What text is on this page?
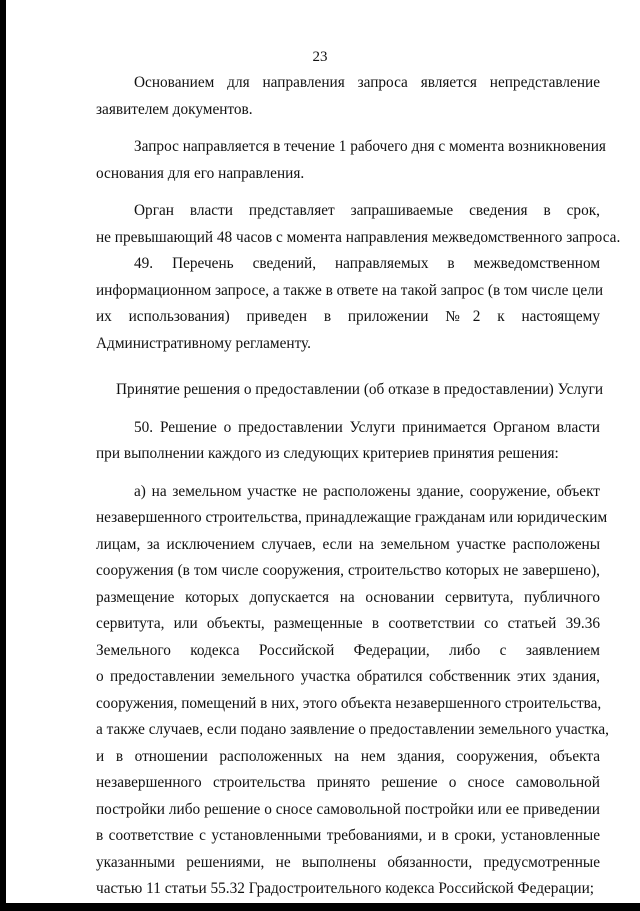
23
Основанием для направления запроса является непредставление
заявителем документов.
Запрос направляется в течение 1 рабочего дня с момента возникновения
основания для его направления.
Орган власти представляет запрашиваемые сведения в срок,
не превышающий 48 часов с момента направления межведомственного запроса.
49. Перечень сведений, направляемых в межведомственном
информационном запросе, а также в ответе на такой запрос (в том числе цели
их использования) приведен в приложении №2 к настоящему
Административному регламенту.

Принятие решения о предоставлении (об отказе в предоставлении) Услуги

50. Решение о предоставлении Услуги принимается Органом власти
при выполнении каждого из следующих критериев принятия решения:
а) на земельном участке не расположены здание, сооружение, объект
незавершенного строительства, принадлежащие гражданам или юридическим
лицам, за исключением случаев, если на земельном участке расположены
сооружения (в том числе сооружения, строительство которых не завершено),
размещение которых допускается на основании сервитута, публичного
сервитута, или объекты, размещенные в соответствии со статьей 39.36
Земельного кодекса Российской Федерации, либо с заявлением
о предоставлении земельного участка обратился собственник этих здания,
сооружения, помещений в них, этого объекта незавершенного строительства,
а также случаев, если подано заявление о предоставлении земельного участка,
и в отношении расположенных на нем здания, сооружения, объекта
незавершенного строительства принято решение о сносе самовольной
постройки либо решение о сносе самовольной постройки или ее приведении
в соответствие с установленными требованиями, и в сроки, установленные
указанными решениями, не выполнены обязанности, предусмотренные
частью 11 статьи 55.32 Градостроительного кодекса Российской Федерации;
